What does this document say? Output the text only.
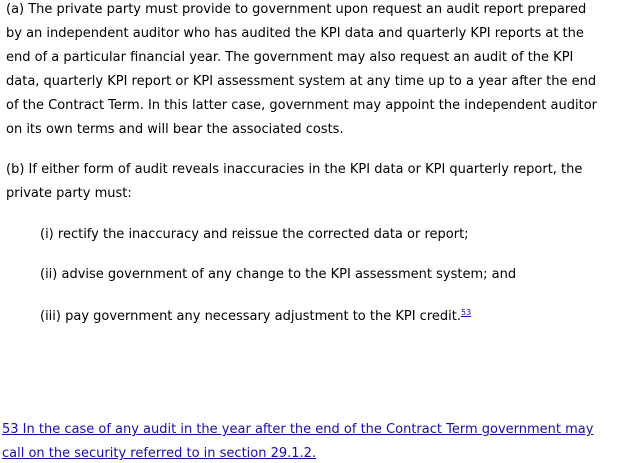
(a) The private party must provide to government upon request an audit report prepared
by an independent auditor who has audited the KPI data and quarterly KPI reports at the
end of a particular financial year. The government may also request an audit of the KPI
data, quarterly KPI report or KPI assessment system at any time up to a year after the end
of the Contract Term. In this latter case, government may appoint the independent auditor
on its own terms and will bear the associated costs.
(b) If either form of audit reveals inaccuracies in the KPI data or KPI quarterly report, the
private party must:
(i) rectify the inaccuracy and reissue the corrected data or report;
(ii) advise government of any change to the KPI assessment system; and
(iii) pay government any necessary adjustment to the KPI credit.$^{53}$
53 In the case of any audit in the year after the end of the Contract Term government may
call on the security referred to in section 29.1.2.
